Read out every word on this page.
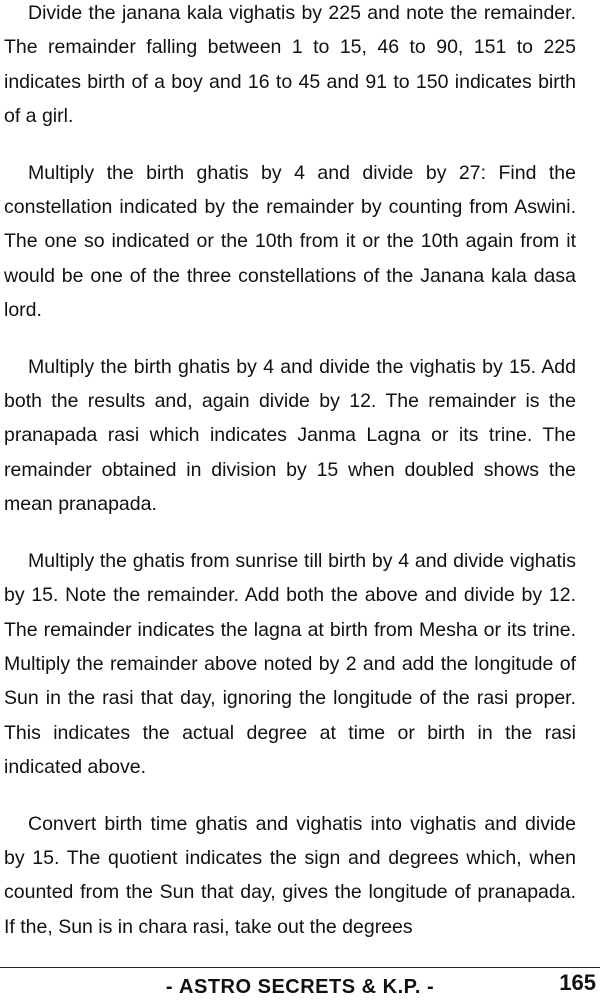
Divide the janana kala vighatis by 225 and note the remainder. The remainder falling between 1 to 15, 46 to 90, 151 to 225 indicates birth of a boy and 16 to 45 and 91 to 150 indicates birth of a girl.

Multiply the birth ghatis by 4 and divide by 27: Find the constellation indicated by the remainder by counting from Aswini. The one so indicated or the 10th from it or the 10th again from it would be one of the three constellations of the Janana kala dasa lord.

Multiply the birth ghatis by 4 and divide the vighatis by 15. Add both the results and, again divide by 12. The remainder is the pranapada rasi which indicates Janma Lagna or its trine. The remainder obtained in division by 15 when doubled shows the mean pranapada.

Multiply the ghatis from sunrise till birth by 4 and divide vighatis by 15. Note the remainder. Add both the above and divide by 12. The remainder indicates the lagna at birth from Mesha or its trine. Multiply the remainder above noted by 2 and add the longitude of Sun in the rasi that day, ignoring the longitude of the rasi proper. This indicates the actual degree at time or birth in the rasi indicated above.

Convert birth time ghatis and vighatis into vighatis and divide by 15. The quotient indicates the sign and degrees which, when counted from the Sun that day, gives the longitude of pranapada. If the, Sun is in chara rasi, take out the degrees

- ASTRO SECRETS & K.P. -	165
